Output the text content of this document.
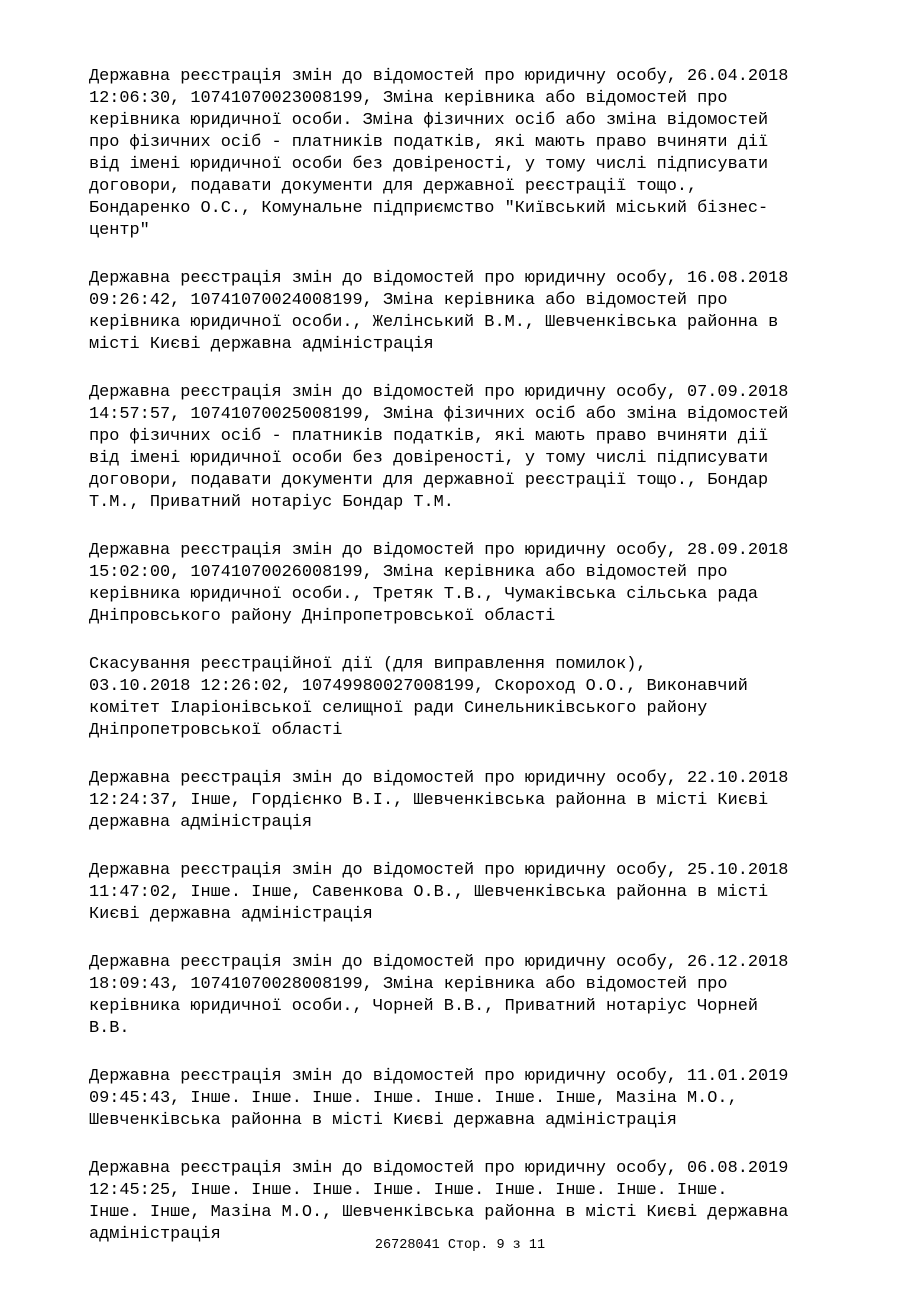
Державна реєстрація змін до відомостей про юридичну особу, 26.04.2018
12:06:30, 10741070023008199, Зміна керівника або відомостей про
керівника юридичної особи. Зміна фізичних осіб або зміна відомостей
про фізичних осіб - платників податків, які мають право вчиняти дії
від імені юридичної особи без довіреності, у тому числі підписувати
договори, подавати документи для державної реєстрації тощо.,
Бондаренко О.С., Комунальне підприємство "Київський міський бізнес-
центр"
Державна реєстрація змін до відомостей про юридичну особу, 16.08.2018
09:26:42, 10741070024008199, Зміна керівника або відомостей про
керівника юридичної особи., Желінський В.М., Шевченківська районна в
місті Києві державна адміністрація
Державна реєстрація змін до відомостей про юридичну особу, 07.09.2018
14:57:57, 10741070025008199, Зміна фізичних осіб або зміна відомостей
про фізичних осіб - платників податків, які мають право вчиняти дії
від імені юридичної особи без довіреності, у тому числі підписувати
договори, подавати документи для державної реєстрації тощо., Бондар
Т.М., Приватний нотаріус Бондар Т.М.
Державна реєстрація змін до відомостей про юридичну особу, 28.09.2018
15:02:00, 10741070026008199, Зміна керівника або відомостей про
керівника юридичної особи., Третяк Т.В., Чумаківська сільська рада
Дніпровського району Дніпропетровської області
Скасування реєстраційної дії (для виправлення помилок),
03.10.2018 12:26:02, 10749980027008199, Скороход О.О., Виконавчий
комітет Іларіонівської селищної ради Синельниківського району
Дніпропетровської області
Державна реєстрація змін до відомостей про юридичну особу, 22.10.2018
12:24:37, Інше, Гордієнко В.І., Шевченківська районна в місті Києві
державна адміністрація
Державна реєстрація змін до відомостей про юридичну особу, 25.10.2018
11:47:02, Інше. Інше, Савенкова О.В., Шевченківська районна в місті
Києві державна адміністрація
Державна реєстрація змін до відомостей про юридичну особу, 26.12.2018
18:09:43, 10741070028008199, Зміна керівника або відомостей про
керівника юридичної особи., Чорней В.В., Приватний нотаріус Чорней
В.В.
Державна реєстрація змін до відомостей про юридичну особу, 11.01.2019
09:45:43, Інше. Інше. Інше. Інше. Інше. Інше. Інше, Мазіна М.О.,
Шевченківська районна в місті Києві державна адміністрація
Державна реєстрація змін до відомостей про юридичну особу, 06.08.2019
12:45:25, Інше. Інше. Інше. Інше. Інше. Інше. Інше. Інше. Інше.
Інше. Інше, Мазіна М.О., Шевченківська районна в місті Києві державна
адміністрація
26728041 Стор. 9 з 11
